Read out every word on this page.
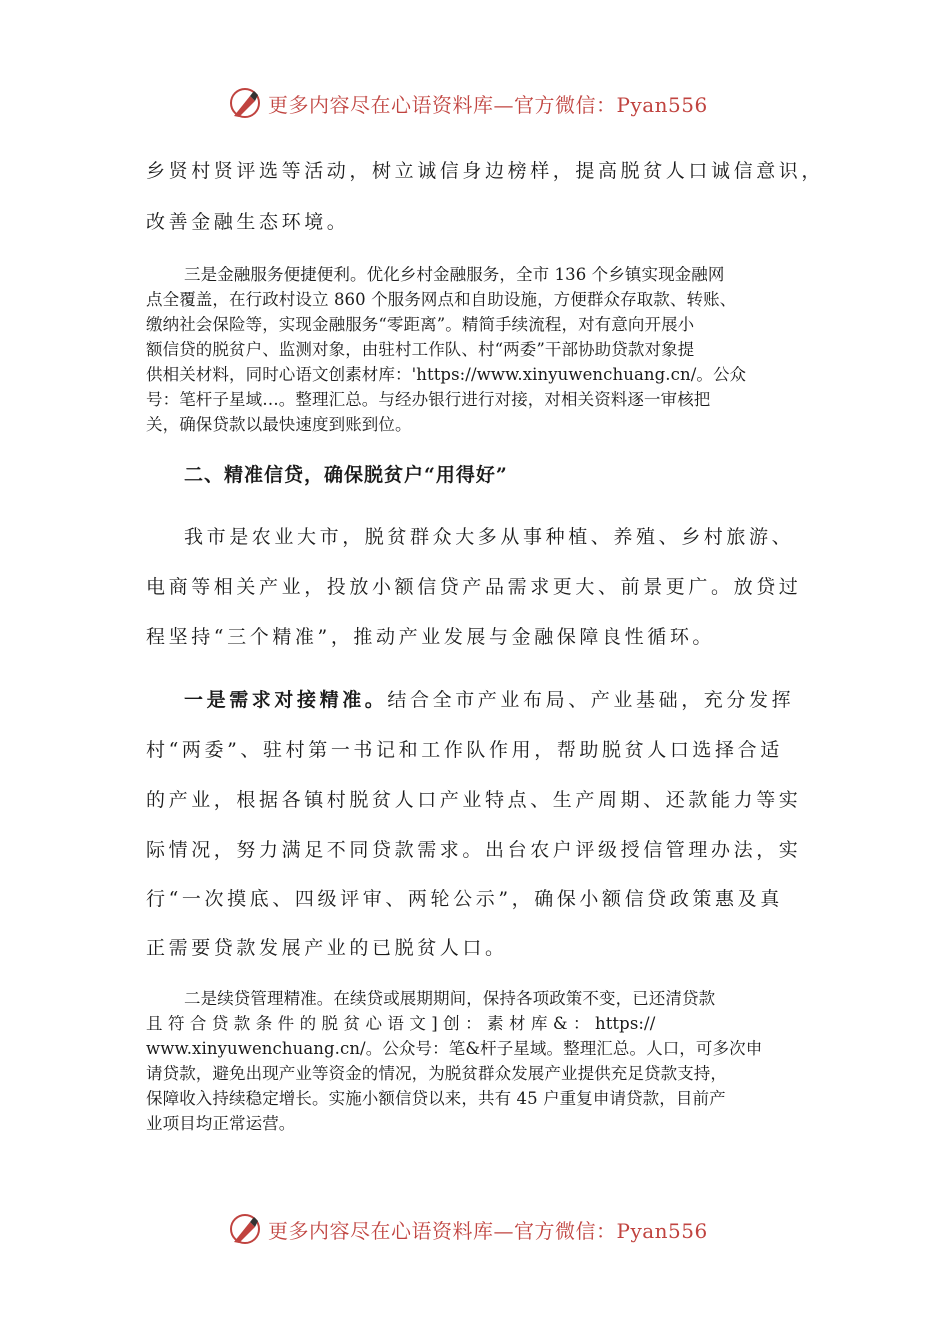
更多内容尽在心语资料库—官方微信：Pyan556
乡贤村贤评选等活动，树立诚信身边榜样，提高脱贫人口诚信意识，
改善金融生态环境。
三是金融服务便捷便利。优化乡村金融服务，全市 136 个乡镇实现金融网
点全覆盖，在行政村设立 860 个服务网点和自助设施，方便群众存取款、转账、
缴纳社会保险等，实现金融服务“零距离”。精简手续流程，对有意向开展小
额信贷的脱贫户、监测对象，由驻村工作队、村“两委”干部协助贷款对象提
供相关材料，同时心语文创素材库：'https://www.xinyuwenchuang.cn/。公众
号：笔杆子星域…。整理汇总。与经办银行进行对接，对相关资料逐一审核把
关，确保贷款以最快速度到账到位。
二、精准信贷，确保脱贫户“用得好”
我市是农业大市，脱贫群众大多从事种植、养殖、乡村旅游、
电商等相关产业，投放小额信贷产品需求更大、前景更广。放贷过
程坚持“三个精准”，推动产业发展与金融保障良性循环。
一是需求对接精准。结合全市产业布局、产业基础，充分发挥
村“两委”、驻村第一书记和工作队作用，帮助脱贫人口选择合适
的产业，根据各镇村脱贫人口产业特点、生产周期、还款能力等实
际情况，努力满足不同贷款需求。出台农户评级授信管理办法，实
行“一次摸底、四级评审、两轮公示”，确保小额信贷政策惠及真
正需要贷款发展产业的已脱贫人口。
二是续贷管理精准。在续贷或展期期间，保持各项政策不变，已还清贷款
且 符 合 贷 款 条 件 的 脱 贫 心 语 文 ] 创 ： 素 材 库 & ： https://
www.xinyuwenchuang.cn/。公众号：笔&杆子星域。整理汇总。人口，可多次申
请贷款，避免出现产业等资金的情况，为脱贫群众发展产业提供充足贷款支持，
保障收入持续稳定增长。实施小额信贷以来，共有 45 户重复申请贷款，目前产
业项目均正常运营。
更多内容尽在心语资料库—官方微信：Pyan556
